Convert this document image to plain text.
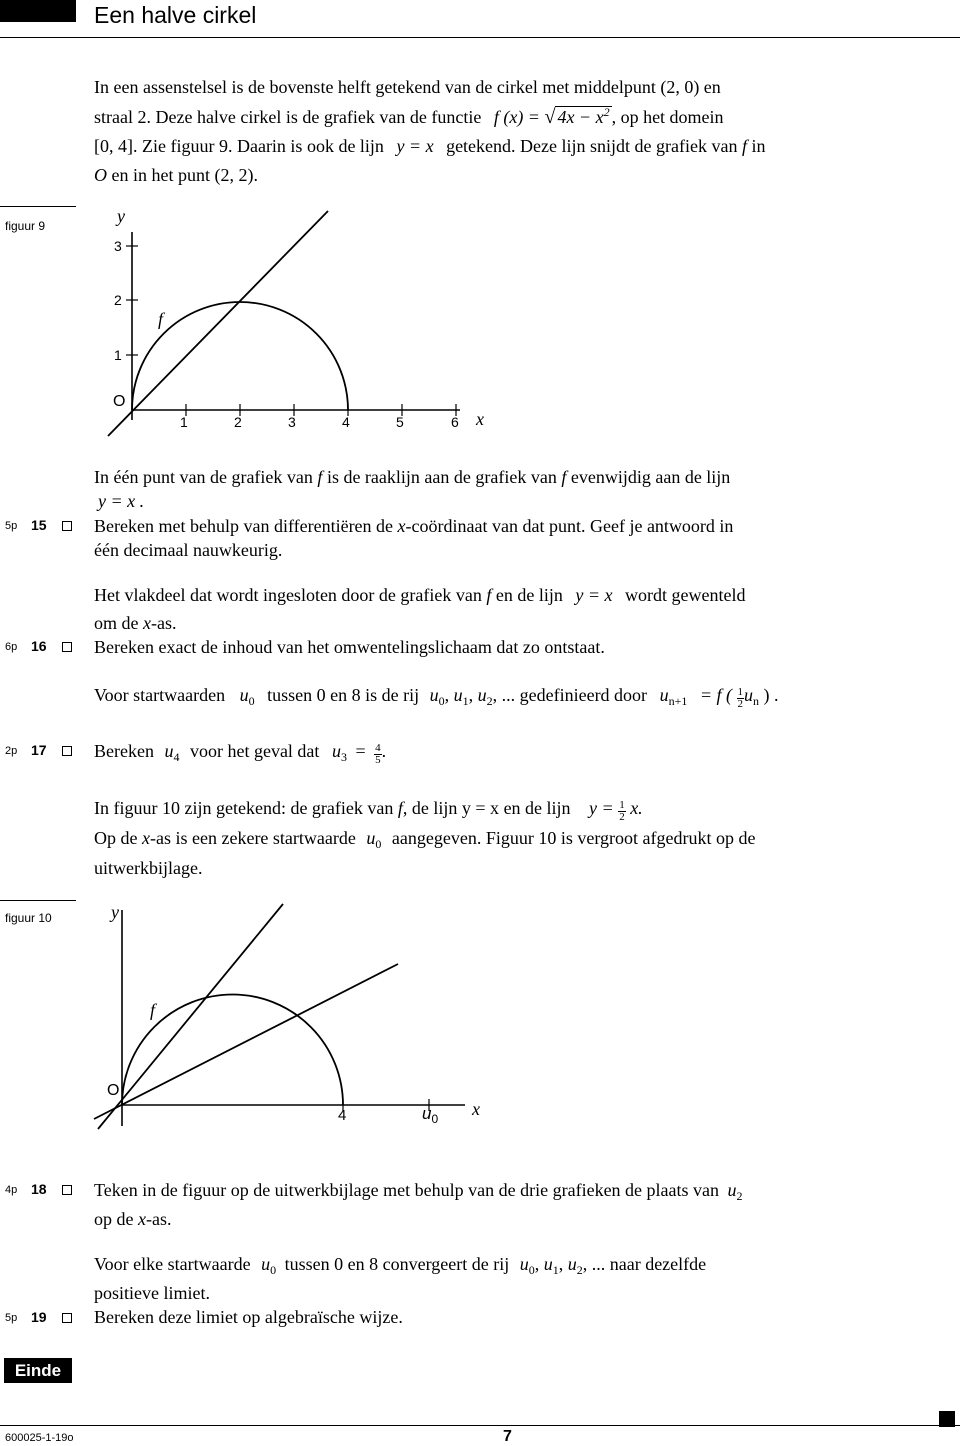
Een halve cirkel
In een assenstelsel is de bovenste helft getekend van de cirkel met middelpunt (2, 0) en
straal 2. Deze halve cirkel is de grafiek van de functie f (x) = √ $4x - x^2$ , op het domein
[0, 4]. Zie figuur 9. Daarin is ook de lijn y = x getekend. Deze lijn snijdt de grafiek van f in
O en in het punt (2, 2).
figuur 9	y
x
O
f
3
2
1
1	2	3	4	5	6
In één punt van de grafiek van f is de raaklijn aan de grafiek van f evenwijdig aan de lijn
y = x .
5p 15	Bereken met behulp van differentiëren de x-coördinaat van dat punt. Geef je antwoord in
één decimaal nauwkeurig.
Het vlakdeel dat wordt ingesloten door de grafiek van f en de lijn y = x wordt gewenteld
om de x-as.
6p 16	Bereken exact de inhoud van het omwentelingslichaam dat zo ontstaat.
Voor startwaarden $u_0$ tussen 0 en 8 is de rij $u_0$, $u_1$, $u_2$, ... gedefinieerd door $u_{n+1} = f$ ( $\frac{1}{2} u_n$ ) .
2p 17	Bereken $u_4$ voor het geval dat $u_3 = \frac{4}{5}$ .
In figuur 10 zijn getekend: de grafiek van f, de lijn y = x en de lijn $y = \frac{1}{2} x$.
Op de x-as is een zekere startwaarde $u_0$ aangegeven. Figuur 10 is vergroot afgedrukt op de
uitwerkbijlage.
figuur 10	y
x
O
f
4	$u_0$
4p 18	Teken in de figuur op de uitwerkbijlage met behulp van de drie grafieken de plaats van $u_2$
op de x-as.
Voor elke startwaarde $u_0$ tussen 0 en 8 convergeert de rij $u_0$, $u_1$, $u_2$, ... naar dezelfde
positieve limiet.
5p 19	Bereken deze limiet op algebraïsche wijze.
Einde
600025-1-19o	7
